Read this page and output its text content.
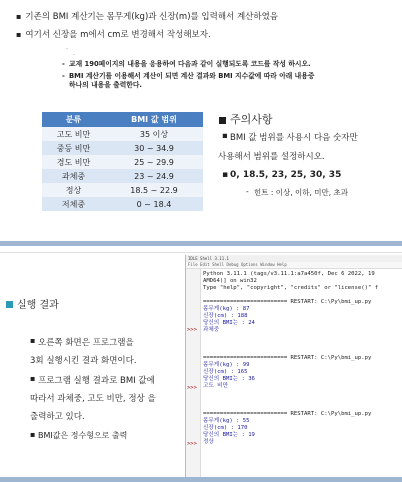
▪ 기존의 BMI 계산기는 몸무게(kg)과 신장(m)를 입력해서 계산하였음
▪ 여기서 신장을 m에서 cm로 변경해서 작성해보자.
·
·
- 교재 190페이지의 내용을 응용하여 다음과 같이 실행되도록 코드를 작성 하시오.
- BMI 계산기를 이용해서 계산이 되면 계산 결과와 BMI 지수값에 따라 아래 내용중
하나의 내용을 출력한다.
분류	BMI 값 범위
고도 비만	35 이상
중등 비만	30 ~ 34.9
경도 비만	25 ~ 29.9
과체중	23 ~ 24.9
정상	18.5 ~ 22.9
저체중	0 ~ 18.4
주의사항
▪ BMI 값 범위를 사용시 다음 숫자만
사용해서 범위를 설정하시오.
▪ 0, 18.5, 23, 25, 30, 35
- 힌트 : 이상, 이하, 미만, 초과
실행 결과
▪ 오른쪽 화면은 프로그램을
3회 실행시킨 결과 화면이다.
▪ 프로그램 실행 결과로 BMI 값에
따라서 과체중, 고도 비만, 정상 을
출력하고 있다.
▪ BMI값은 정수형으로 출력
IDLE Shell 3.11.1
File Edit Shell Debug Options Window Help
>>>
>>>
>>>
Python 3.11.1 (tags/v3.11.1:a7a450f, Dec 6 2022, 19
AMD64)] on win32
Type "help", "copyright", "credits" or "license()" f
========================= RESTART: C:\Py\bmi_up.py
몸무게(kg) : 87
신장(cm) : 188
당신의 BMI는 : 24
과체중
========================= RESTART: C:\Py\bmi_up.py
몸무게(kg) : 99
신장(cm) : 165
당신의 BMI는 : 36
고도 비만
========================= RESTART: C:\Py\bmi_up.py
몸무게(kg) : 55
신장(cm) : 170
당신의 BMI는 : 19
정상
